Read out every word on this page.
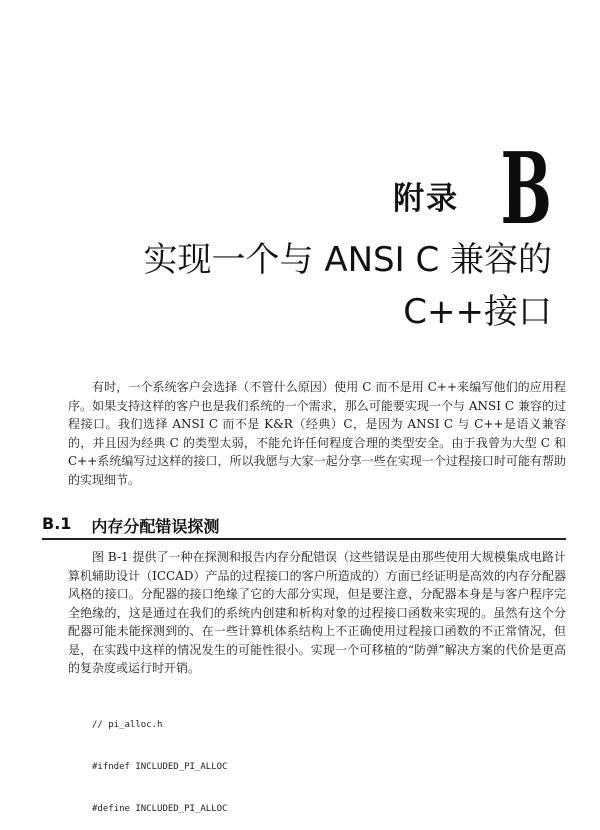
附录 B
实现一个与 ANSI C 兼容的
C++接口

有时，一个系统客户会选择（不管什么原因）使用 C 而不是用 C++来编写他们的应用程序。如果支持这样的客户也是我们系统的一个需求，那么可能要实现一个与 ANSI C 兼容的过程接口。我们选择 ANSI C 而不是 K&R（经典）C，是因为 ANSI C 与 C++是语义兼容的，并且因为经典 C 的类型太弱，不能允许任何程度合理的类型安全。由于我曾为大型 C 和 C++系统编写过这样的接口，所以我愿与大家一起分享一些在实现一个过程接口时可能有帮助的实现细节。

B.1 内存分配错误探测

图 B-1 提供了一种在探测和报告内存分配错误（这些错误是由那些使用大规模集成电路计算机辅助设计（ICCAD）产品的过程接口的客户所造成的）方面已经证明是高效的内存分配器风格的接口。分配器的接口绝缘了它的大部分实现，但是要注意，分配器本身是与客户程序完全绝缘的，这是通过在我们的系统内创建和析构对象的过程接口函数来实现的。虽然有这个分配器可能未能探测到的、在一些计算机体系结构上不正确使用过程接口函数的不正常情况，但是，在实践中这样的情况发生的可能性很小。实现一个可移植的“防弹”解决方案的代价是更高的复杂度或运行时开销。

// pi_alloc.h

#ifndef INCLUDED_PI_ALLOC

#define INCLUDED_PI_ALLOC
